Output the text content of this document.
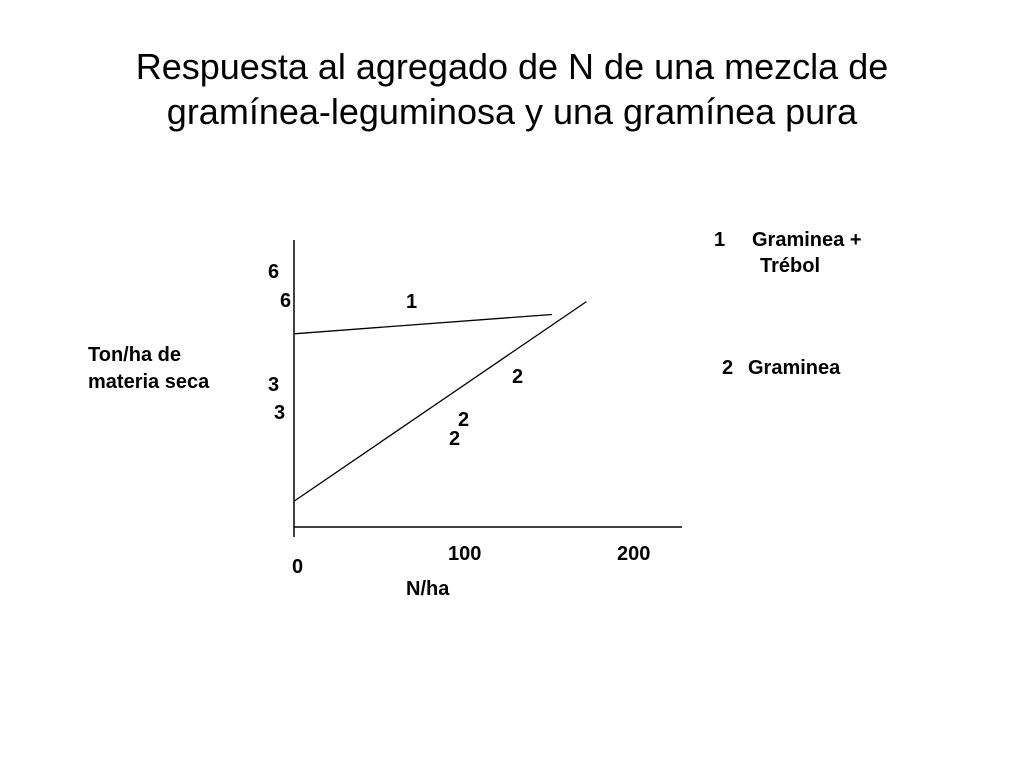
Respuesta al agregado de N de una mezcla de
gramínea-leguminosa y una gramínea pura
Ton/ha de
materia seca
6
6
3
3
0
100	200
N/ha
1
2
2
2
1 Graminea +
Trébol
2 Graminea
